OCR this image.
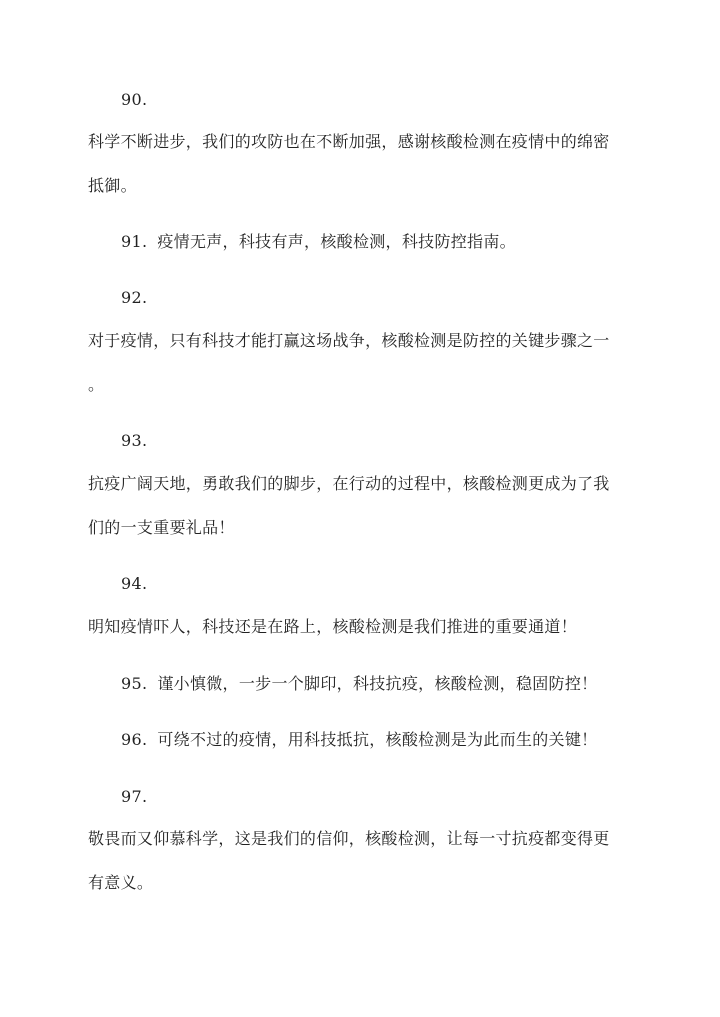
90.
科学不断进步，我们的攻防也在不断加强，感谢核酸检测在疫情中的绵密
抵御。
91. 疫情无声，科技有声，核酸检测，科技防控指南。
92.
对于疫情，只有科技才能打赢这场战争，核酸检测是防控的关键步骤之一
。
93.
抗疫广阔天地，勇敢我们的脚步，在行动的过程中，核酸检测更成为了我
们的一支重要礼品！
94.
明知疫情吓人，科技还是在路上，核酸检测是我们推进的重要通道！
95. 谨小慎微，一步一个脚印，科技抗疫，核酸检测，稳固防控！
96. 可绕不过的疫情，用科技抵抗，核酸检测是为此而生的关键！
97.
敬畏而又仰慕科学，这是我们的信仰，核酸检测，让每一寸抗疫都变得更
有意义。
